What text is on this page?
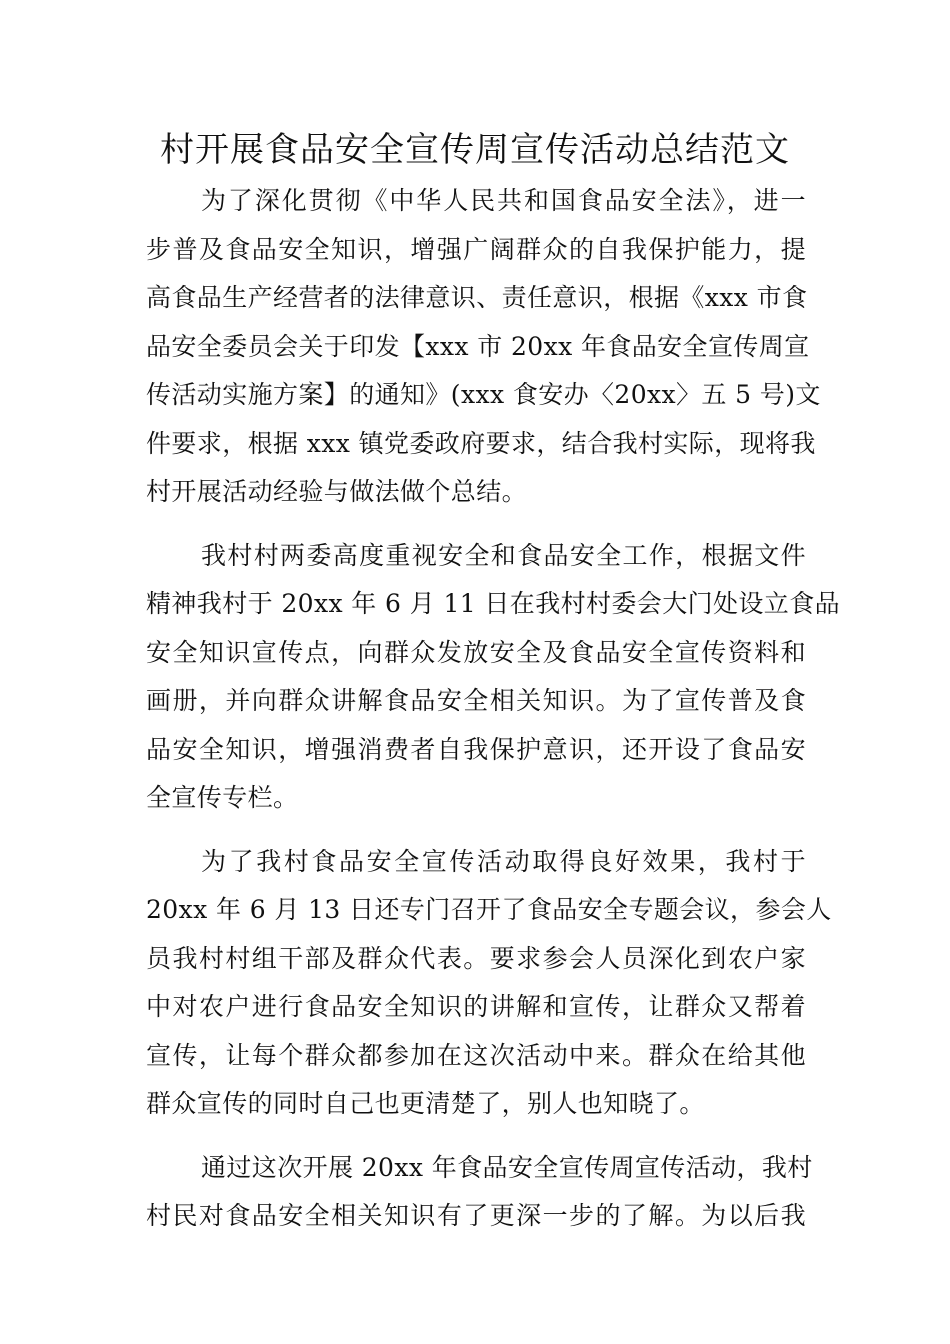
村开展食品安全宣传周宣传活动总结范文
为了深化贯彻《中华人民共和国食品安全法》，进一
步普及食品安全知识，增强广阔群众的自我保护能力，提
高食品生产经营者的法律意识、责任意识，根据《xxx 市食
品安全委员会关于印发【xxx 市 20xx 年食品安全宣传周宣
传活动实施方案】的通知》(xxx 食安办〈20xx〉五 5 号)文
件要求，根据 xxx 镇党委政府要求，结合我村实际，现将我
村开展活动经验与做法做个总结。
我村村两委高度重视安全和食品安全工作，根据文件
精神我村于 20xx 年 6 月 11 日在我村村委会大门处设立食品
安全知识宣传点，向群众发放安全及食品安全宣传资料和
画册，并向群众讲解食品安全相关知识。为了宣传普及食
品安全知识，增强消费者自我保护意识，还开设了食品安
全宣传专栏。
为了我村食品安全宣传活动取得良好效果，我村于
20xx 年 6 月 13 日还专门召开了食品安全专题会议，参会人
员我村村组干部及群众代表。要求参会人员深化到农户家
中对农户进行食品安全知识的讲解和宣传，让群众又帮着
宣传，让每个群众都参加在这次活动中来。群众在给其他
群众宣传的同时自己也更清楚了，别人也知晓了。
通过这次开展 20xx 年食品安全宣传周宣传活动，我村
村民对食品安全相关知识有了更深一步的了解。为以后我
